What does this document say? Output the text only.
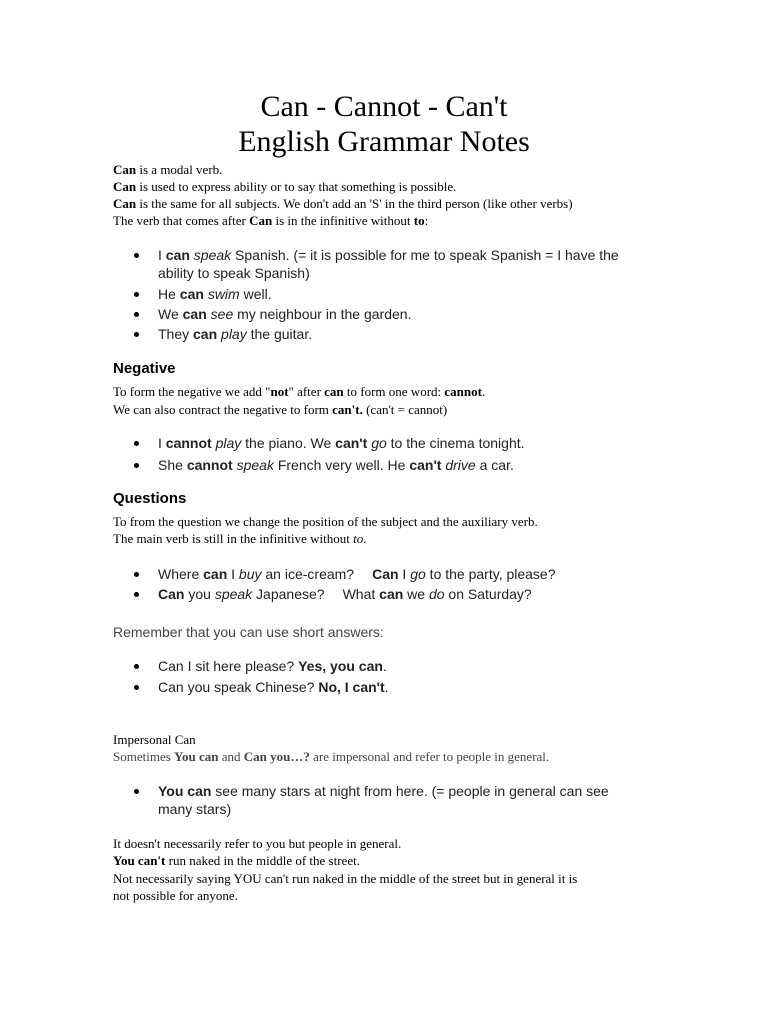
Can - Cannot - Can't
English Grammar Notes
Can is a modal verb.
Can is used to express ability or to say that something is possible.
Can is the same for all subjects. We don't add an 'S' in the third person (like other verbs)
The verb that comes after Can is in the infinitive without to:
I can speak Spanish. (= it is possible for me to speak Spanish = I have the
ability to speak Spanish)
He can swim well.
We can see my neighbour in the garden.
They can play the guitar.
Negative
To form the negative we add "not" after can to form one word: cannot.
We can also contract the negative to form can't. (can't = cannot)
I cannot play the piano. We can't go to the cinema tonight.
She cannot speak French very well. He can't drive a car.
Questions
To from the question we change the position of the subject and the auxiliary verb.
The main verb is still in the infinitive without to.
Where can I buy an ice-cream? Can I go to the party, please?
Can you speak Japanese? What can we do on Saturday?
Remember that you can use short answers:
Can I sit here please? Yes, you can.
Can you speak Chinese? No, I can't.
Impersonal Can
Sometimes You can and Can you…? are impersonal and refer to people in general.
You can see many stars at night from here. (= people in general can see
many stars)
It doesn't necessarily refer to you but people in general.
You can't run naked in the middle of the street.
Not necessarily saying YOU can't run naked in the middle of the street but in general it is
not possible for anyone.
